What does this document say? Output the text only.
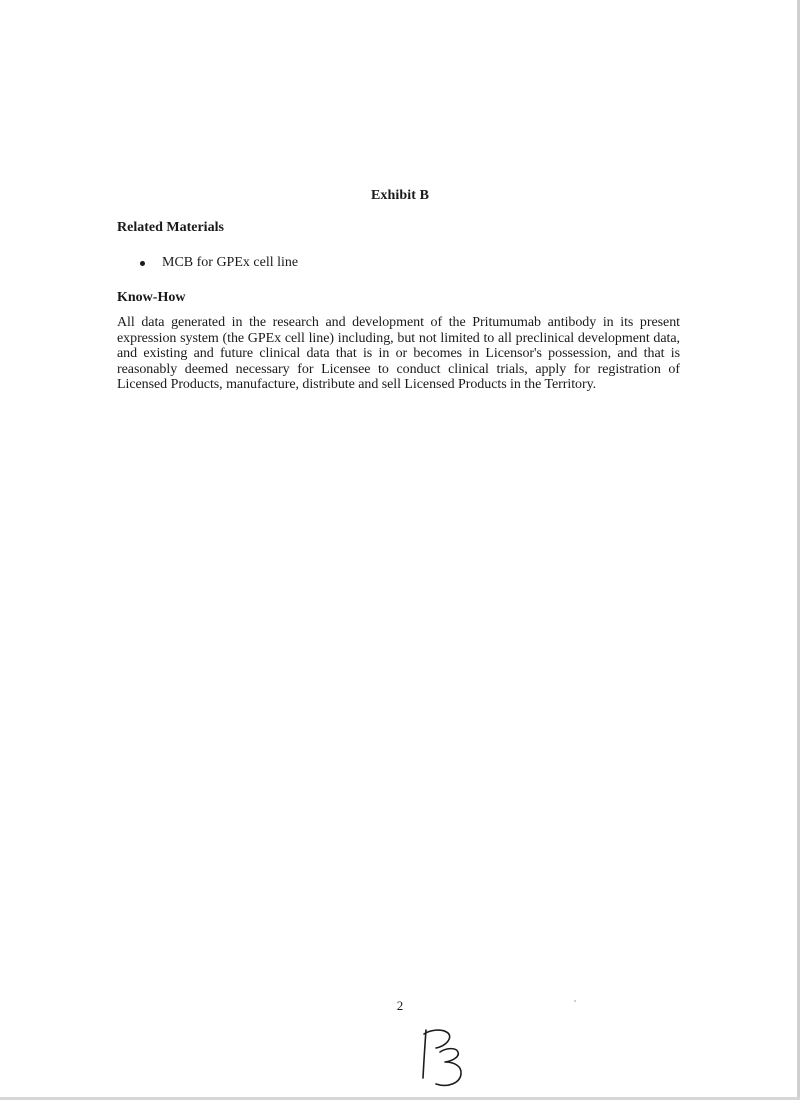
Exhibit B
Related Materials
MCB for GPEx cell line
Know-How

All data generated in the research and development of the Pritumumab antibody in its present expression system (the GPEx cell line) including, but not limited to all preclinical development data, and existing and future clinical data that is in or becomes in Licensor's possession, and that is reasonably deemed necessary for Licensee to conduct clinical trials, apply for registration of Licensed Products, manufacture, distribute and sell Licensed Products in the Territory.

2
